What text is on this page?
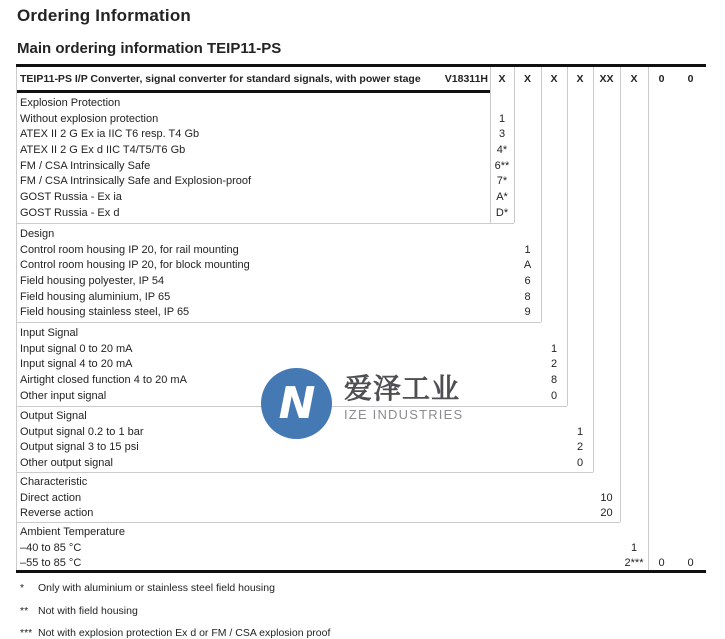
Ordering Information
Main ordering information TEIP11-PS
TEIP11-PS I/P Converter, signal converter for standard signals, with power stage V18311H X	X	X	X	XX	X	0	0
Explosion Protection
Without explosion protection	1
ATEX II 2 G Ex ia IIC T6 resp. T4 Gb	3
ATEX II 2 G Ex d IIC T4/T5/T6 Gb	4*
FM / CSA Intrinsically Safe	6**
FM / CSA Intrinsically Safe and Explosion-proof	7*
GOST Russia - Ex ia	A*
GOST Russia - Ex d	D*
Design
Control room housing IP 20, for rail mounting	1
Control room housing IP 20, for block mounting	A
Field housing polyester, IP 54	6
Field housing aluminium, IP 65	8
Field housing stainless steel, IP 65	9
Input Signal
Input signal 0 to 20 mA	1
Input signal 4 to 20 mA	2
Airtight closed function 4 to 20 mA	8
Other input signal	0
Output Signal
Output signal 0.2 to 1 bar	1
Output signal 3 to 15 psi	2
Other output signal	0
Characteristic
Direct action	10
Reverse action	20
Ambient Temperature
–40 to 85 °C	1
–55 to 85 °C	2***	0	0
*	Only with aluminium or stainless steel field housing
** Not with field housing
*** Not with explosion protection Ex d or FM / CSA explosion proof
N 爱泽工业
IZE INDUSTRIES
